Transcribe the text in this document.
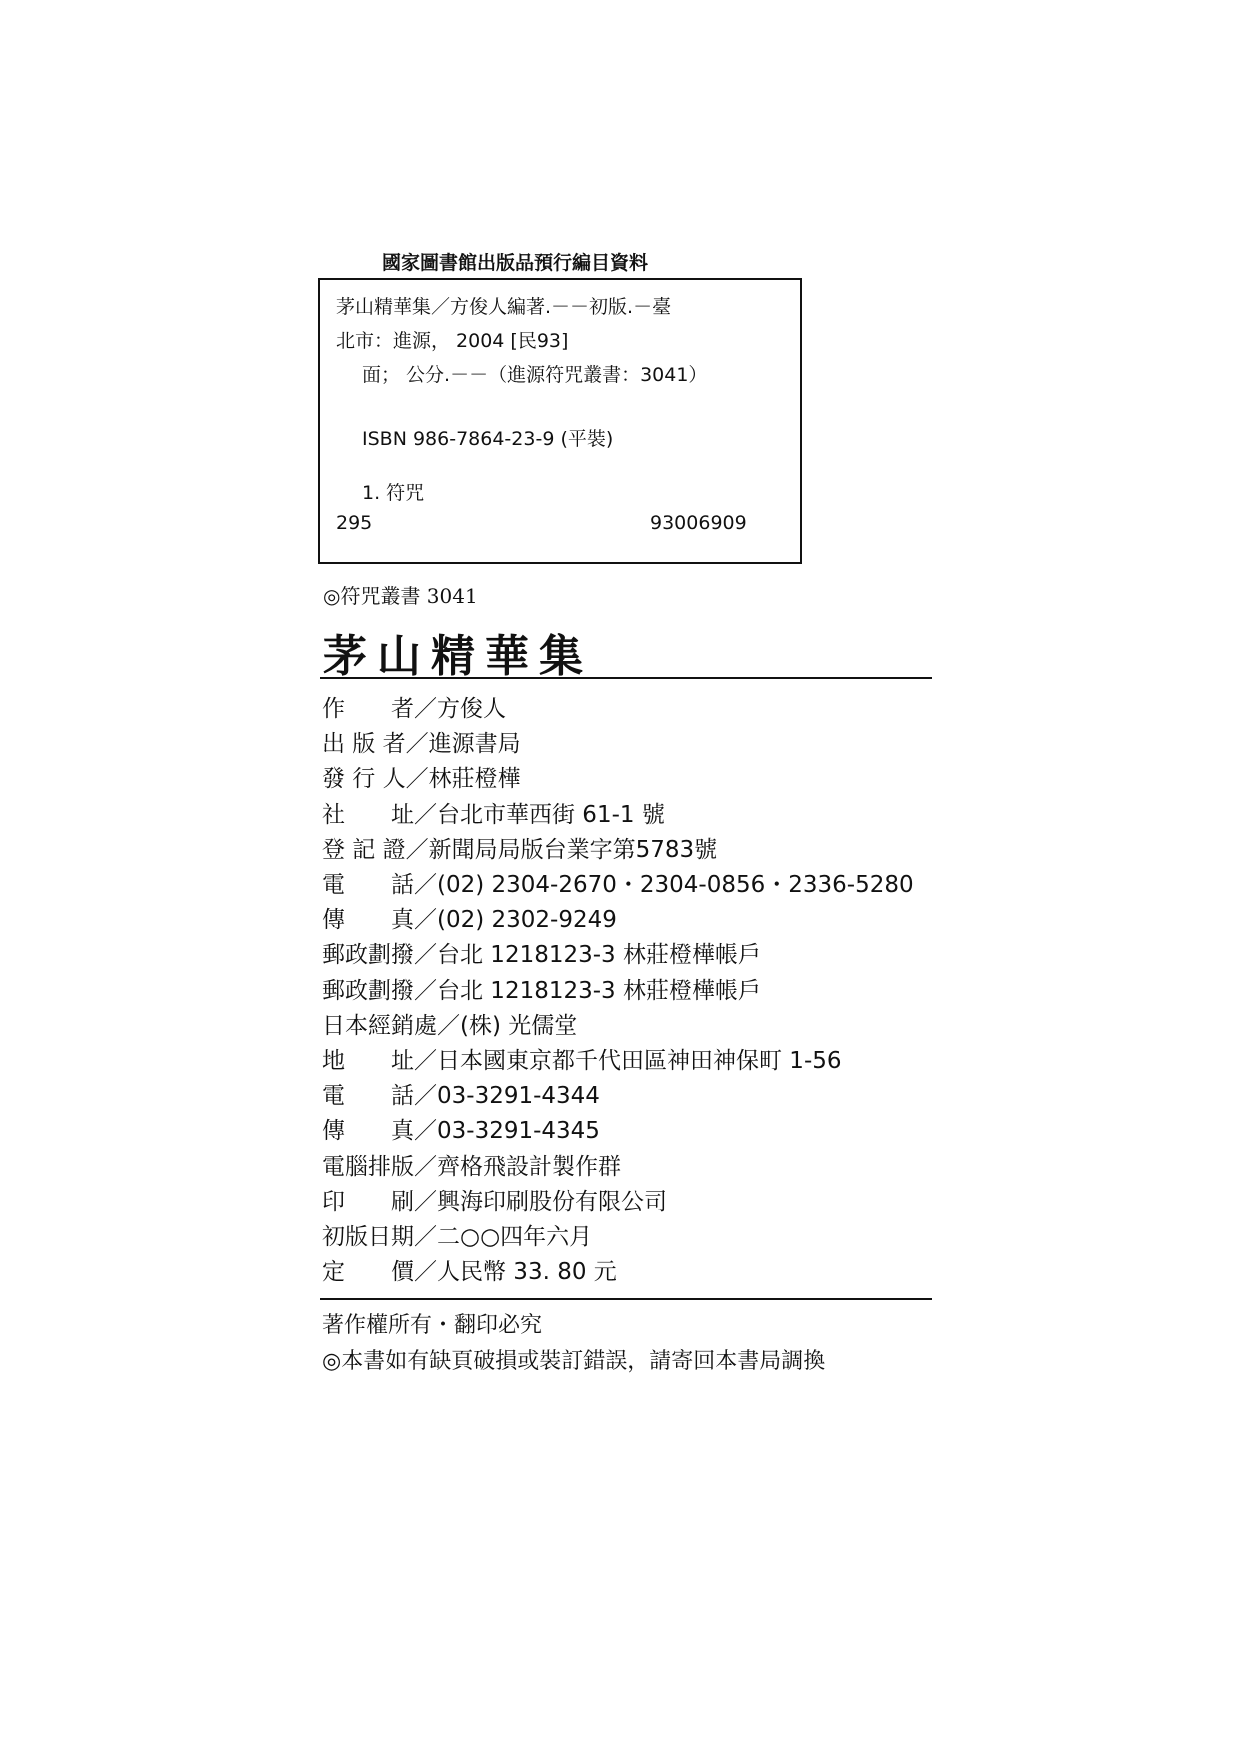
國家圖書館出版品預行編目資料
茅山精華集／方俊人編著.－－初版.－臺
北市：進源， 2004 [民93]
面； 公分.－－（進源符咒叢書：3041）
ISBN 986-7864-23-9 (平裝)
1. 符咒
295	93006909
◎符咒叢書 3041
茅山精華集
作　　者／方俊人
出 版 者／進源書局
發 行 人／林莊橙樺
社　　址／台北市華西街 61-1 號
登 記 證／新聞局局版台業字第5783號
電　　話／(02) 2304-2670・2304-0856・2336-5280
傳　　真／(02) 2302-9249
郵政劃撥／台北 1218123-3 林莊橙樺帳戶
郵政劃撥／台北 1218123-3 林莊橙樺帳戶
日本經銷處／(株) 光儒堂
地　　址／日本國東京都千代田區神田神保町 1-56
電　　話／03-3291-4344
傳　　真／03-3291-4345
電腦排版／齊格飛設計製作群
印　　刷／興海印刷股份有限公司
初版日期／二○○四年六月
定　　價／人民幣 33. 80 元
著作權所有・翻印必究
◎本書如有缺頁破損或裝訂錯誤，請寄回本書局調換
